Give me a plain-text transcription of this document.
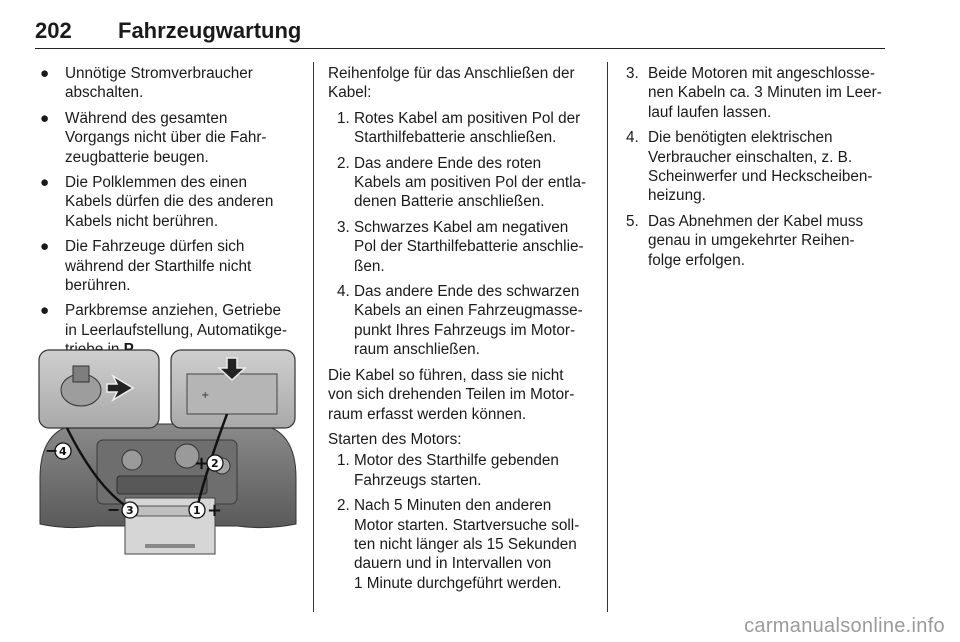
202 Fahrzeugwartung
● Unnötige Stromverbraucher
abschalten.
● Während des gesamten
Vorgangs nicht über die Fahr-
zeugbatterie beugen.
● Die Polklemmen des einen
Kabels dürfen die des anderen
Kabels nicht berühren.
● Die Fahrzeuge dürfen sich
während der Starthilfe nicht
berühren.
● Parkbremse anziehen, Getriebe
in Leerlaufstellung, Automatikge-
+
− 4
+ 2
− 3	1 +
Reihenfolge für das Anschließen der
Kabel:
1. Rotes Kabel am positiven Pol der
Starthilfebatterie anschließen.
2. Das andere Ende des roten
Kabels am positiven Pol der entla-
denen Batterie anschließen.
3. Schwarzes Kabel am negativen
Pol der Starthilfebatterie anschlie-
ßen.
4. Das andere Ende des schwarzen
Kabels an einen Fahrzeugmasse-
punkt Ihres Fahrzeugs im Motor-
raum anschließen.
Die Kabel so führen, dass sie nicht
von sich drehenden Teilen im Motor-
raum erfasst werden können.
Starten des Motors:
1. Motor des Starthilfe gebenden
Fahrzeugs starten.
2. Nach 5 Minuten den anderen
Motor starten. Startversuche soll-
ten nicht länger als 15 Sekunden
dauern und in Intervallen von
1 Minute durchgeführt werden.
3. Beide Motoren mit angeschlosse-
nen Kabeln ca. 3 Minuten im Leer-
lauf laufen lassen.
4. Die benötigten elektrischen
Verbraucher einschalten, z. B.
Scheinwerfer und Heckscheiben-
heizung.
5. Das Abnehmen der Kabel muss
genau in umgekehrter Reihen-
folge erfolgen.
carmanualsonline.info
